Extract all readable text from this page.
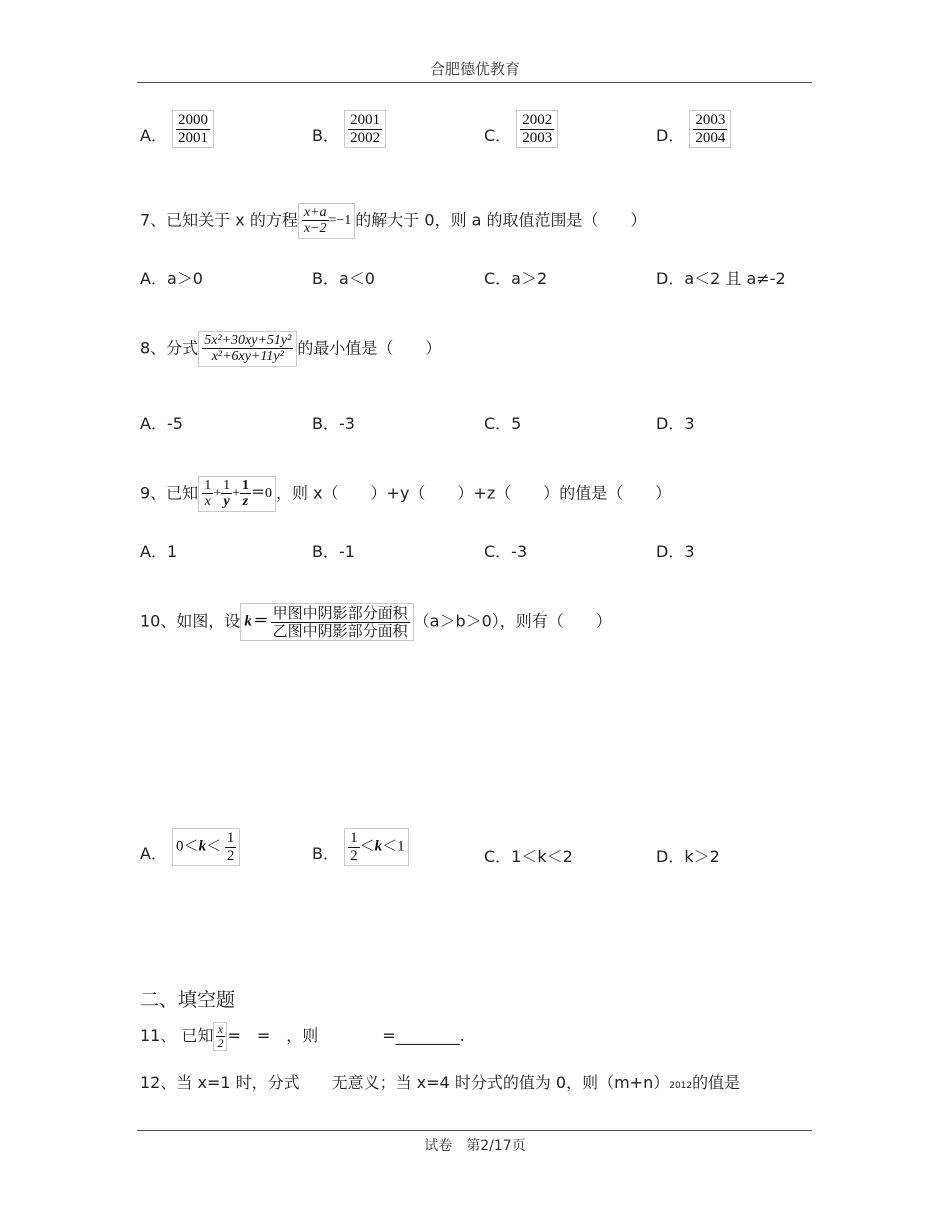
合肥德优教育
A． $\frac{2000}{2001}$	B． $\frac{2001}{2002}$	C． $\frac{2002}{2003}$	D． $\frac{2003}{2004}$
7、已知关于 x 的方程 $\frac{x+a}{x-2} =-1$ 的解大于 0，则 a 的取值范围是（　　）
A．a＞0	B．a＜0	C．a＞2	D．a＜2 且 a≠-2
8、分式 $\frac{\text{5x²+30xy+51y²}}{\text{x²+6xy+11y²}}$ 的最小值是（　　）
A．-5	B．-3	C．5	D．3
9、已知 $\frac{1}{x} + \frac{1}{y} + \frac{1}{z} =0$ ，则 x（　　）+y（　　）+z（　　）的值是（　　）
A．1	B．-1	C．-3	D．3
10、如图，设 $k= \frac{\text{甲图中阴影部分面积}}{\text{乙图中阴影部分面积}} (a>b>0)$，则有（　　）
A． $0<k< \frac{1}{2}$	B． $\frac{1}{2} <k<1$
C．1＜k＜2	D．k＞2
二、填空题
11、 已知 $\frac{x}{2}$ =　=　，则　　　　=________.
12、当 x=1 时，分式　　无意义；当 x=4 时分式的值为 0，则（m+n）2012的值是
试卷　第2/17页
